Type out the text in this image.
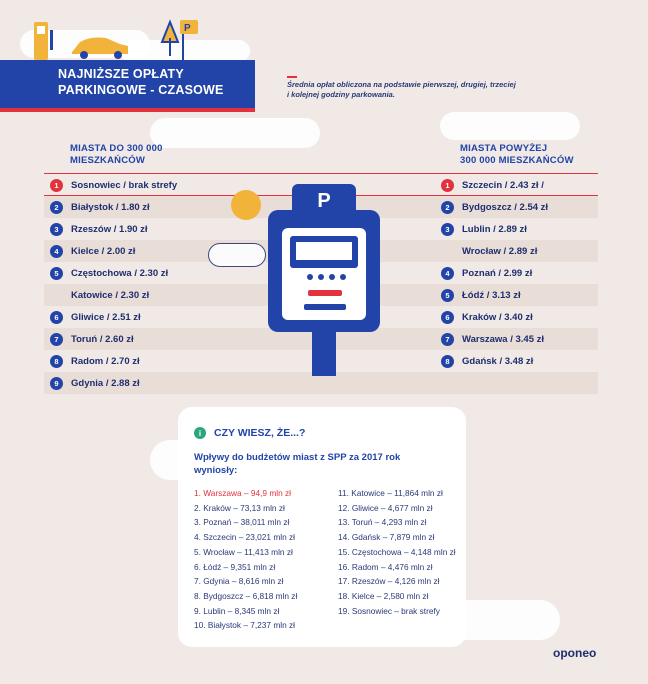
P
NAJNIŻSZE OPŁATY
PARKINGOWE - CZASOWE	Średnia opłat obliczona na podstawie pierwszej, drugiej, trzeciej i kolejnej godziny parkowania.
MIASTA DO 300 000
MIESZKAŃCÓW
MIASTA POWYŻEJ
300 000 MIESZKAŃCÓW
P
1	Sosnowiec / brak strefy
2	Białystok / 1.80 zł
3	Rzeszów / 1.90 zł
4	Kielce / 2.00 zł
5	Częstochowa / 2.30 zł
Katowice / 2.30 zł
6	Gliwice / 2.51 zł
7	Toruń / 2.60 zł
8	Radom / 2.70 zł
9	Gdynia / 2.88 zł
1	Szczecin / 2.43 zł /
2	Bydgoszcz / 2.54 zł
3	Lublin / 2.89 zł
Wrocław / 2.89 zł
4	Poznań / 2.99 zł
5	Łódź / 3.13 zł
6	Kraków / 3.40 zł
7	Warszawa / 3.45 zł
8	Gdańsk / 3.48 zł
i	CZY WIESZ, ŻE...?
Wpływy do budżetów miast z SPP za 2017 rok
wyniosły:
1. Warszawa – 94,9 mln zł
2. Kraków – 73,13 mln zł
3. Poznań – 38,011 mln zł
4. Szczecin – 23,021 mln zł
5. Wrocław – 11,413 mln zł
6. Łódź – 9,351 mln zł
7. Gdynia – 8,616 mln zł
8. Bydgoszcz – 6,818 mln zł
9. Lublin – 8,345 mln zł
10. Białystok – 7,237 mln zł
11. Katowice – 11,864 mln zł
12. Gliwice – 4,677 mln zł
13. Toruń – 4,293 mln zł
14. Gdańsk – 7,879 mln zł
15. Częstochowa – 4,148 mln zł
16. Radom – 4,476 mln zł
17. Rzeszów – 4,126 mln zł
18. Kielce – 2,580 mln zł
19. Sosnowiec – brak strefy
oponeo
